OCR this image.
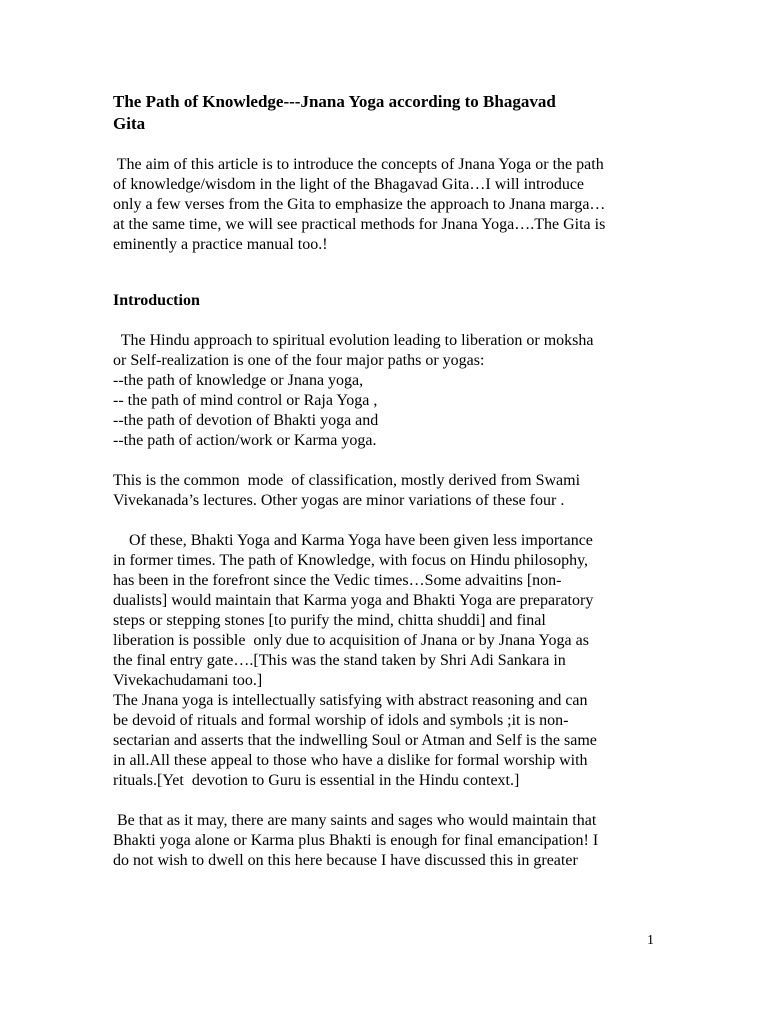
The Path of Knowledge---Jnana Yoga according to Bhagavad
Gita

The aim of this article is to introduce the concepts of Jnana Yoga or the path
of knowledge/wisdom in the light of the Bhagavad Gita…I will introduce
only a few verses from the Gita to emphasize the approach to Jnana marga…
at the same time, we will see practical methods for Jnana Yoga….The Gita is
eminently a practice manual too.!

Introduction

The Hindu approach to spiritual evolution leading to liberation or moksha
or Self-realization is one of the four major paths or yogas:
--the path of knowledge or Jnana yoga,
-- the path of mind control or Raja Yoga ,
--the path of devotion of Bhakti yoga and
--the path of action/work or Karma yoga.

This is the common  mode  of classification, mostly derived from Swami
Vivekanada’s lectures. Other yogas are minor variations of these four .

Of these, Bhakti Yoga and Karma Yoga have been given less importance
in former times. The path of Knowledge, with focus on Hindu philosophy,
has been in the forefront since the Vedic times…Some advaitins [non-
dualists] would maintain that Karma yoga and Bhakti Yoga are preparatory
steps or stepping stones [to purify the mind, chitta shuddi] and final
liberation is possible  only due to acquisition of Jnana or by Jnana Yoga as
the final entry gate….[This was the stand taken by Shri Adi Sankara in
Vivekachudamani too.]
The Jnana yoga is intellectually satisfying with abstract reasoning and can
be devoid of rituals and formal worship of idols and symbols ;it is non-
sectarian and asserts that the indwelling Soul or Atman and Self is the same
in all.All these appeal to those who have a dislike for formal worship with
rituals.[Yet  devotion to Guru is essential in the Hindu context.]

Be that as it may, there are many saints and sages who would maintain that
Bhakti yoga alone or Karma plus Bhakti is enough for final emancipation! I
do not wish to dwell on this here because I have discussed this in greater

1
